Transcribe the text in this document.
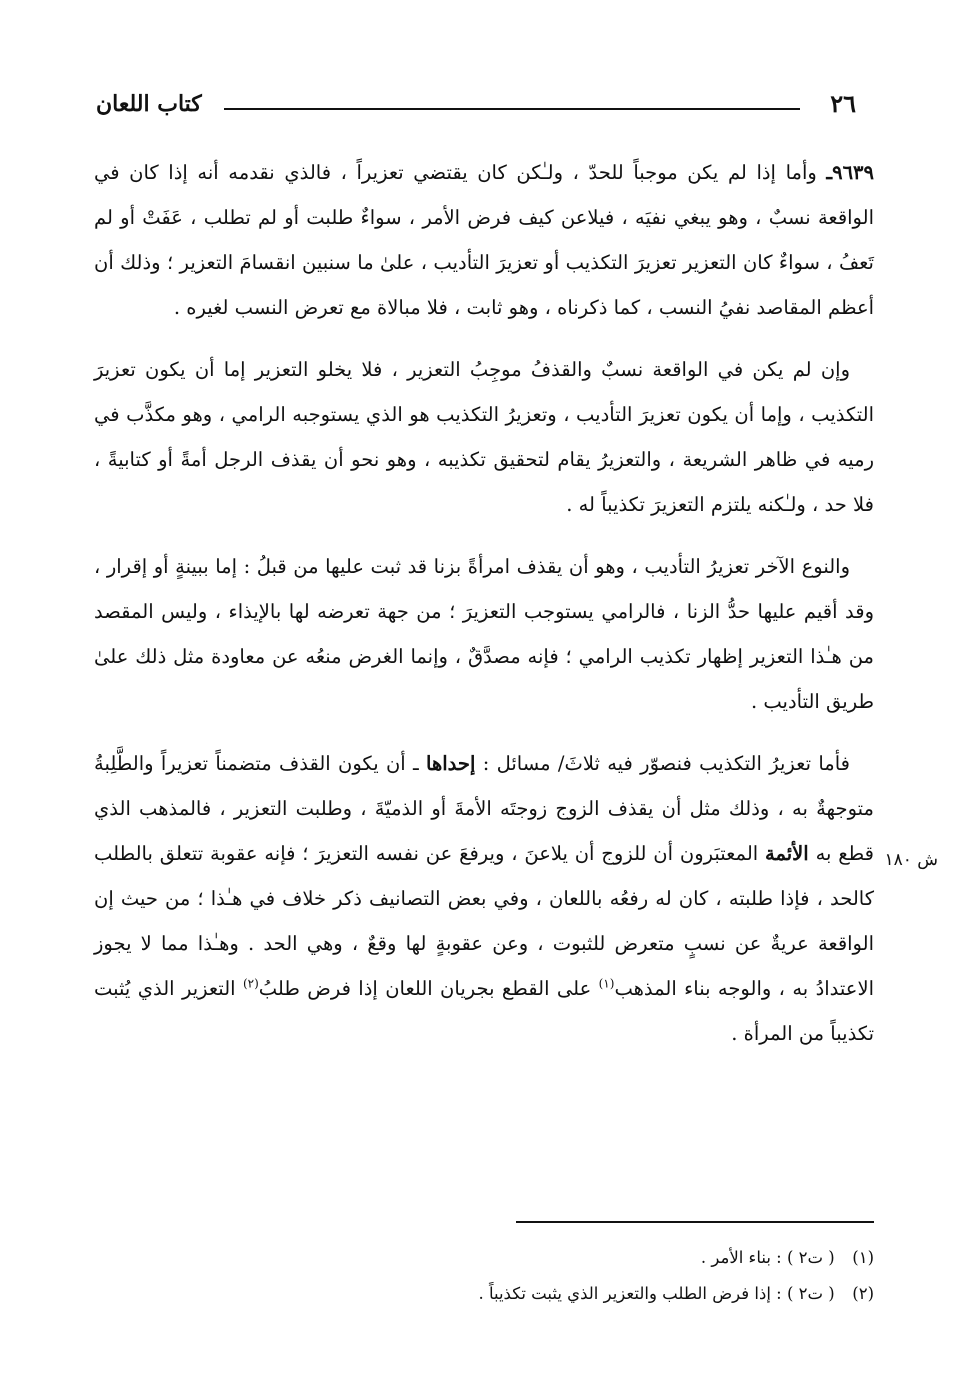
٢٦
كتاب اللعان
ش ١٨٠

٩٦٣٩ـ وأما إذا لم يكن موجباً للحدّ ، ولـٰكن كان يقتضي تعزيراً ، فالذي نقدمه أنه إذا كان في الواقعة نسبٌ ، وهو يبغي نفيَه ، فيلاعن كيف فرض الأمر ، سواءٌ طلبت أو لم تطلب ، عَفَتْ أو لم تَعفُ ، سواءٌ كان التعزير تعزيرَ التكذيب أو تعزيرَ التأديب ، علىٰ ما سنبين انقسامَ التعزير ؛ وذلك أن أعظم المقاصد نفيُ النسب ، كما ذكرناه ، وهو ثابت ، فلا مبالاة مع تعرض النسب لغيره .

وإن لم يكن في الواقعة نسبٌ والقذفُ موجِبُ التعزير ، فلا يخلو التعزير إما أن يكون تعزيرَ التكذيب ، وإما أن يكون تعزيرَ التأديب ، وتعزيرُ التكذيب هو الذي يستوجبه الرامي ، وهو مكذَّب في رميه في ظاهر الشريعة ، والتعزيرُ يقام لتحقيق تكذيبه ، وهو نحو أن يقذف الرجل أمةً أو كتابيةً ، فلا حد ، ولـٰكنه يلتزم التعزيرَ تكذيباً له .

والنوع الآخر تعزيرُ التأديب ، وهو أن يقذف امرأةً بزنا قد ثبت عليها من قبلُ : إما ببينةٍ أو إقرار ، وقد أقيم عليها حدُّ الزنا ، فالرامي يستوجب التعزيرَ ؛ من جهة تعرضه لها بالإيذاء ، وليس المقصد من هـٰذا التعزير إظهار تكذيب الرامي ؛ فإنه مصدَّقٌ ، وإنما الغرض منعُه عن معاودة مثل ذلك علىٰ طريق التأديب .

فأما تعزيرُ التكذيب فنصوّر فيه ثلاثَ/ مسائل : إحداها ـ أن يكون القذف متضمناً تعزيراً والطَّلِبةُ متوجهةٌ به ، وذلك مثل أن يقذف الزوج زوجتَه الأمةَ أو الذميّةَ ، وطلبت التعزير ، فالمذهب الذي قطع به الأئمة المعتبَرون أن للزوج أن يلاعنَ ، ويرفعَ عن نفسه التعزيرَ ؛ فإنه عقوبة تتعلق بالطلب كالحد ، فإذا طلبته ، كان له رفعُه باللعان ، وفي بعض التصانيف ذكر خلاف في هـٰذا ؛ من حيث إن الواقعة عريةٌ عن نسبٍ متعرض للثبوت ، وعن عقوبةٍ لها وقعٌ ، وهي الحد . وهـٰذا مما لا يجوز الاعتدادُ به ، والوجه بناء المذهب$^{(١)}$ على القطع بجريان اللعان إذا فرض طلبُ$^{(٢)}$ التعزير الذي يُثبت تكذيباً من المرأة .

(١) ( ت٢ ) : بناء الأمر .
(٢) ( ت٢ ) : إذا فرض الطلب والتعزير الذي يثبت تكذيباً .
